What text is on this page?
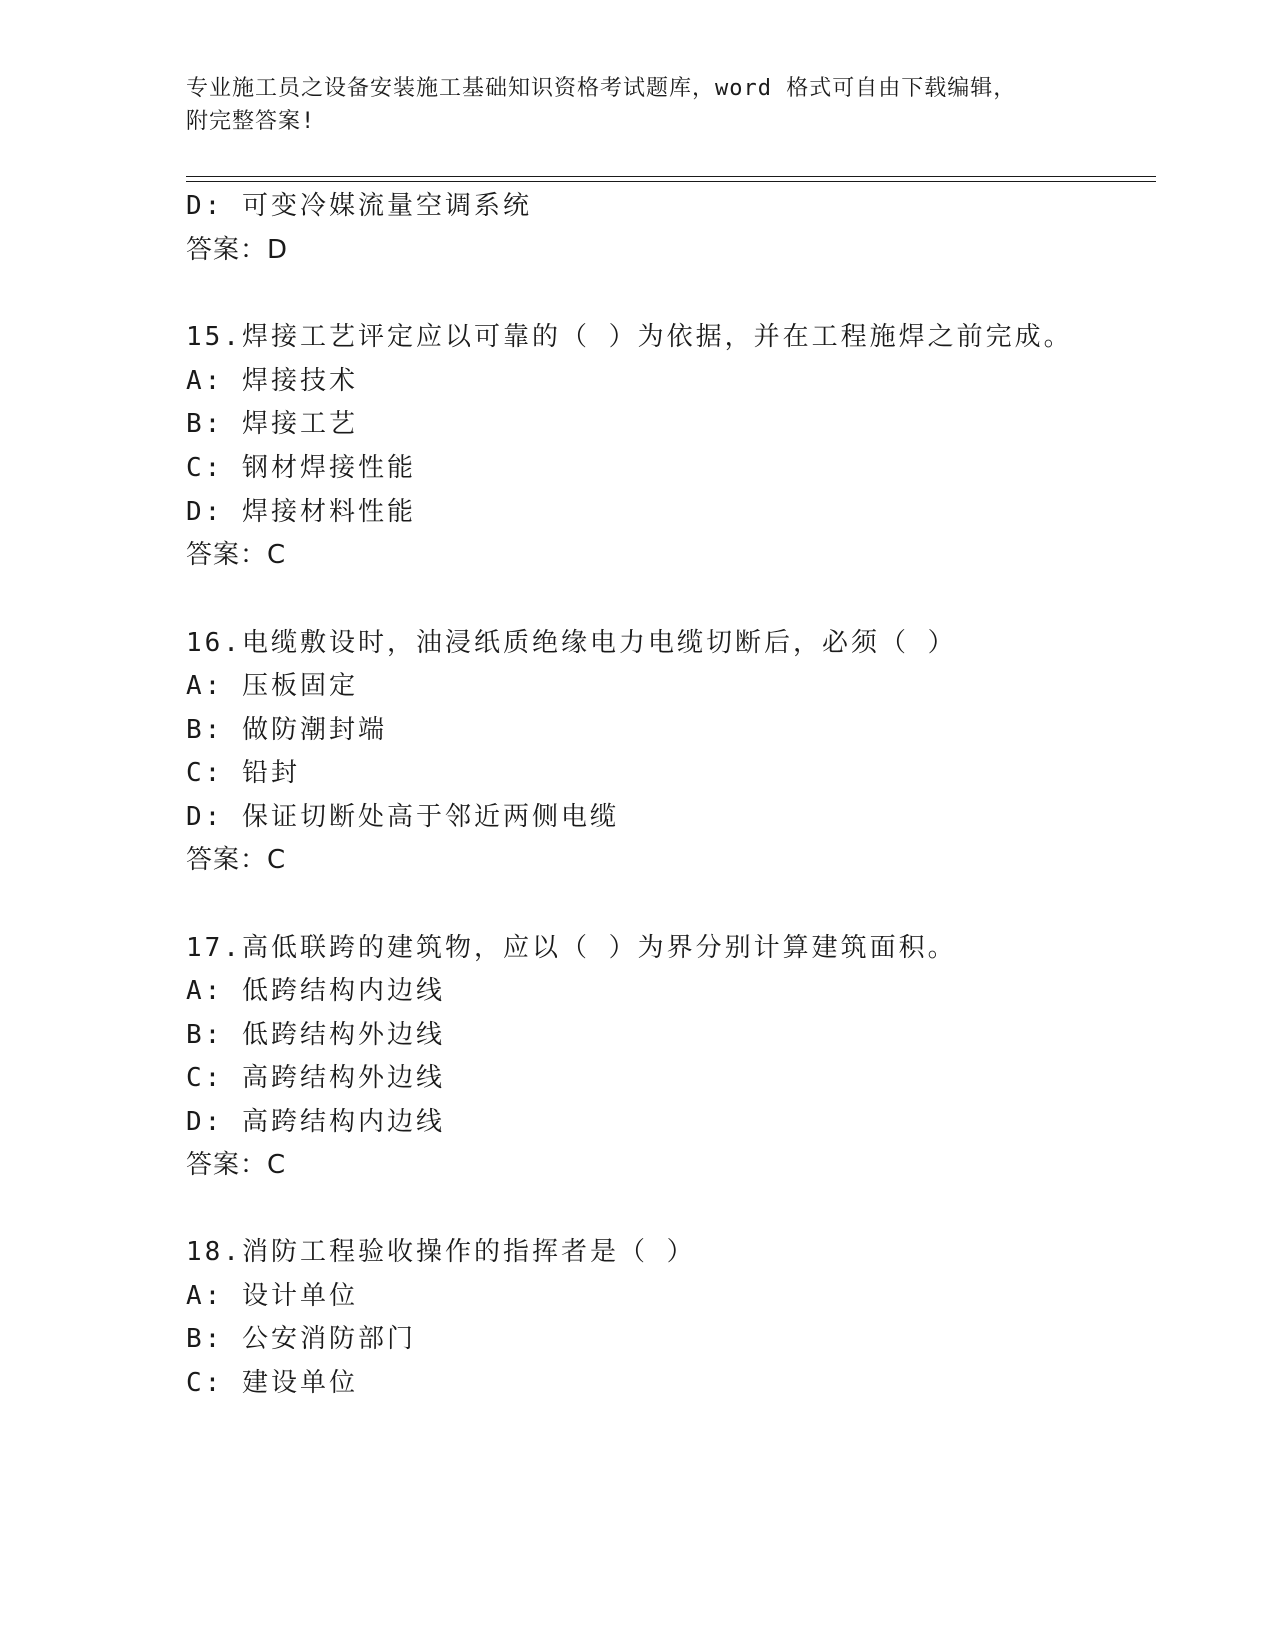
专业施工员之设备安装施工基础知识资格考试题库，word 格式可自由下载编辑，
附完整答案!
D: 可变冷媒流量空调系统
答案：D
15.焊接工艺评定应以可靠的（ ）为依据，并在工程施焊之前完成。
A: 焊接技术
B: 焊接工艺
C: 钢材焊接性能
D: 焊接材料性能
答案：C
16.电缆敷设时，油浸纸质绝缘电力电缆切断后，必须（ ）
A: 压板固定
B: 做防潮封端
C: 铅封
D: 保证切断处高于邻近两侧电缆
答案：C
17.高低联跨的建筑物，应以（ ）为界分别计算建筑面积。
A: 低跨结构内边线
B: 低跨结构外边线
C: 高跨结构外边线
D: 高跨结构内边线
答案：C
18.消防工程验收操作的指挥者是（ ）
A: 设计单位
B: 公安消防部门
C: 建设单位
